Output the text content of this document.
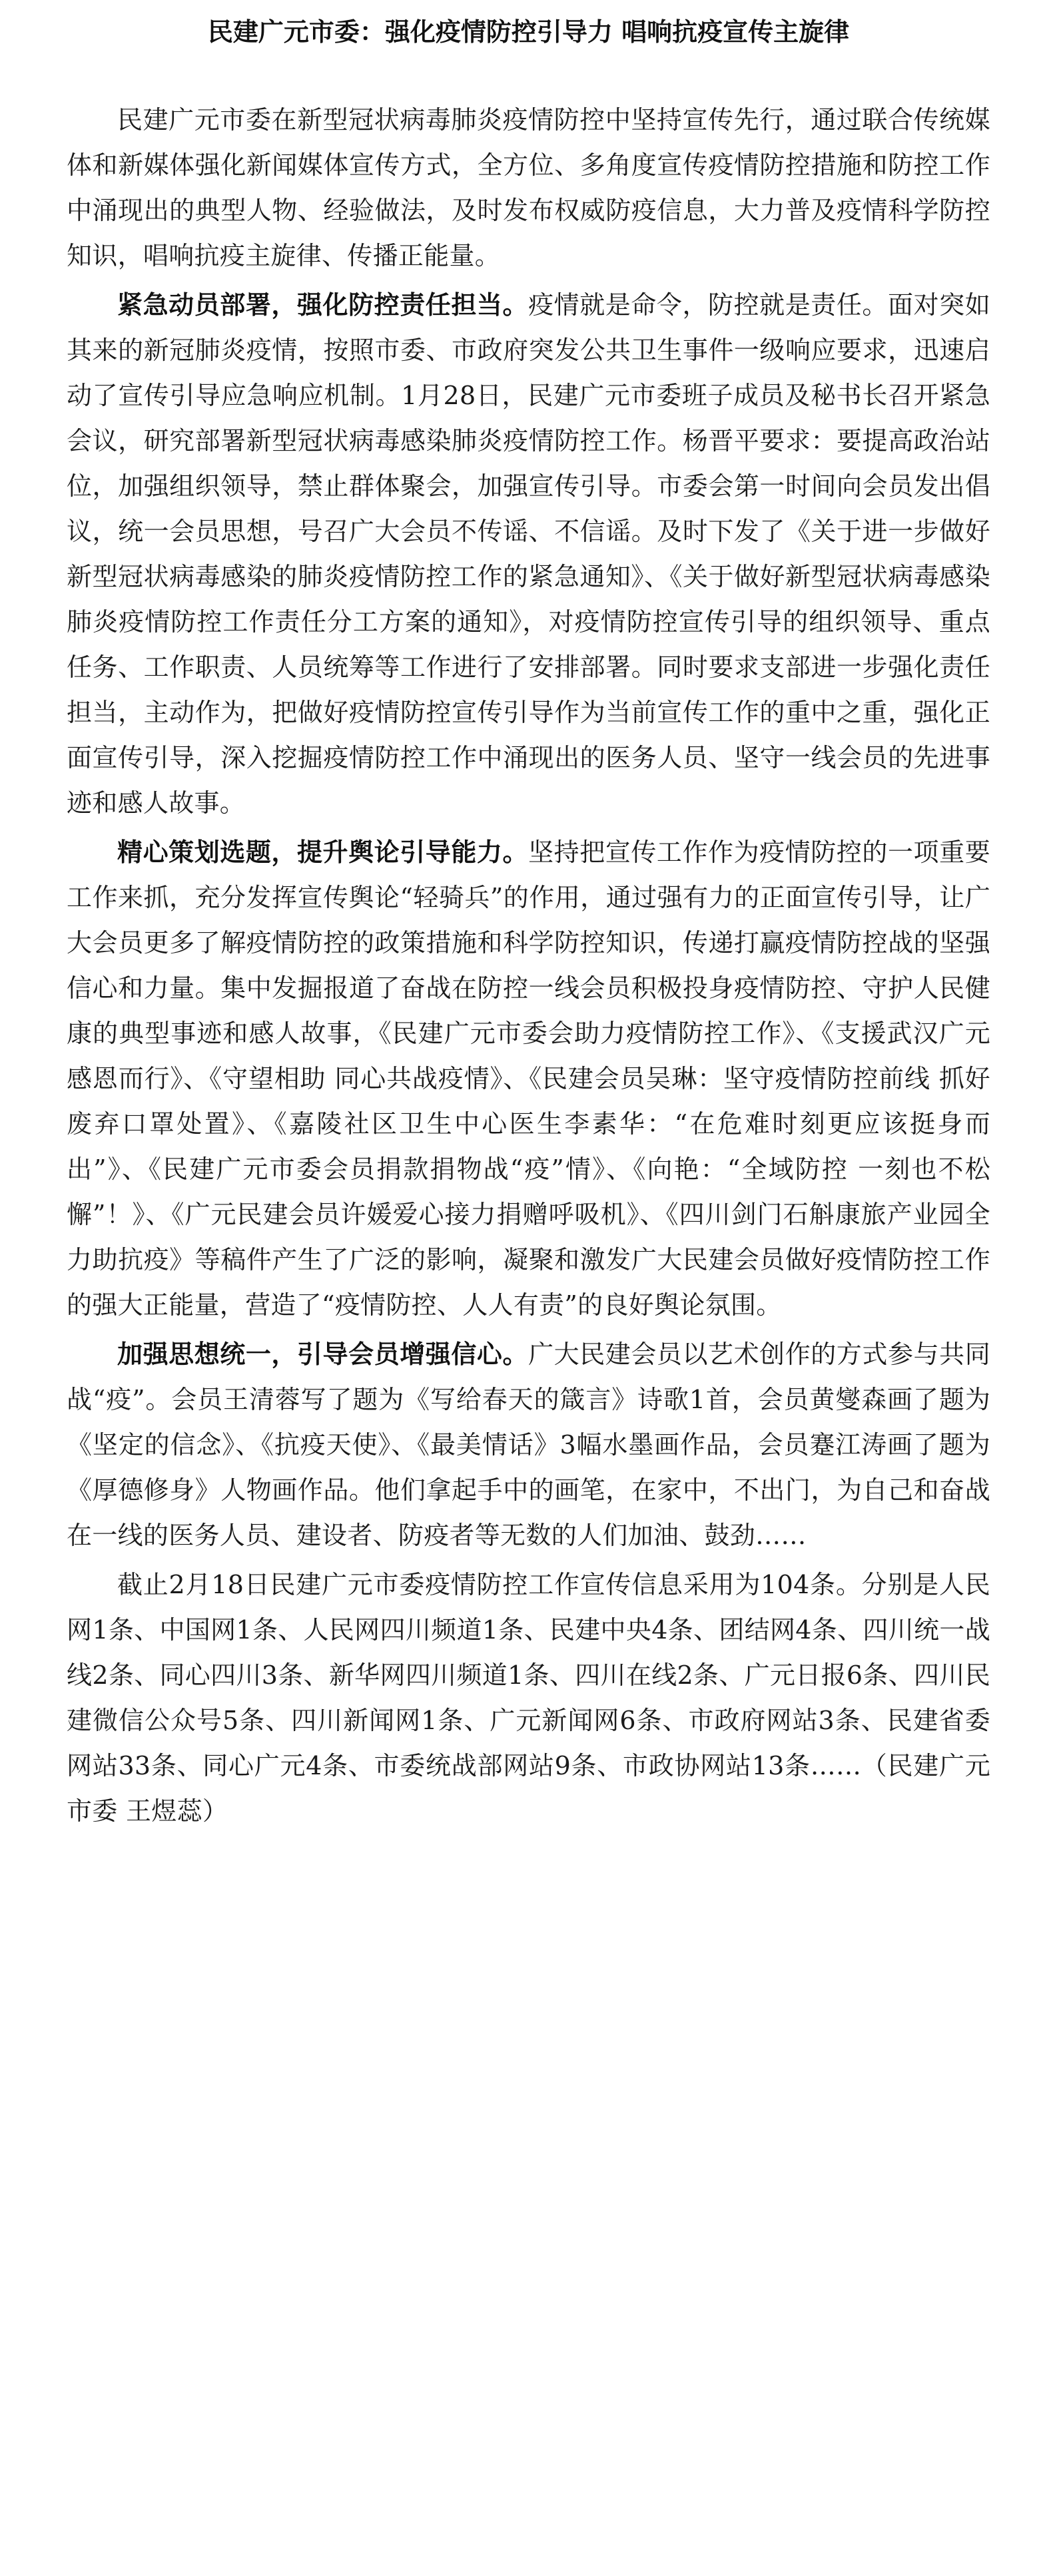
民建广元市委：强化疫情防控引导力 唱响抗疫宣传主旋律

民建广元市委在新型冠状病毒肺炎疫情防控中坚持宣传先行，通过联合传统媒体和新媒体强化新闻媒体宣传方式，全方位、多角度宣传疫情防控措施和防控工作中涌现出的典型人物、经验做法，及时发布权威防疫信息，大力普及疫情科学防控知识，唱响抗疫主旋律、传播正能量。

紧急动员部署，强化防控责任担当。疫情就是命令，防控就是责任。面对突如其来的新冠肺炎疫情，按照市委、市政府突发公共卫生事件一级响应要求，迅速启动了宣传引导应急响应机制。1月28日，民建广元市委班子成员及秘书长召开紧急会议，研究部署新型冠状病毒感染肺炎疫情防控工作。杨晋平要求：要提高政治站位，加强组织领导，禁止群体聚会，加强宣传引导。市委会第一时间向会员发出倡议，统一会员思想，号召广大会员不传谣、不信谣。及时下发了《关于进一步做好新型冠状病毒感染的肺炎疫情防控工作的紧急通知》、《关于做好新型冠状病毒感染肺炎疫情防控工作责任分工方案的通知》，对疫情防控宣传引导的组织领导、重点任务、工作职责、人员统筹等工作进行了安排部署。同时要求支部进一步强化责任担当，主动作为，把做好疫情防控宣传引导作为当前宣传工作的重中之重，强化正面宣传引导，深入挖掘疫情防控工作中涌现出的医务人员、坚守一线会员的先进事迹和感人故事。

精心策划选题，提升舆论引导能力。坚持把宣传工作作为疫情防控的一项重要工作来抓，充分发挥宣传舆论“轻骑兵”的作用，通过强有力的正面宣传引导，让广大会员更多了解疫情防控的政策措施和科学防控知识，传递打赢疫情防控战的坚强信心和力量。集中发掘报道了奋战在防控一线会员积极投身疫情防控、守护人民健康的典型事迹和感人故事，《民建广元市委会助力疫情防控工作》、《支援武汉广元感恩而行》、《守望相助 同心共战疫情》、《民建会员吴琳：坚守疫情防控前线 抓好废弃口罩处置》、《嘉陵社区卫生中心医生李素华：“在危难时刻更应该挺身而出”》、《民建广元市委会员捐款捐物战“疫”情》、《向艳：“全域防控 一刻也不松懈”！》、《广元民建会员许媛爱心接力捐赠呼吸机》、《四川剑门石斛康旅产业园全力助抗疫》等稿件产生了广泛的影响，凝聚和激发广大民建会员做好疫情防控工作的强大正能量，营造了“疫情防控、人人有责”的良好舆论氛围。

加强思想统一，引导会员增强信心。广大民建会员以艺术创作的方式参与共同战“疫”。会员王清蓉写了题为《写给春天的箴言》诗歌1首，会员黄燮森画了题为《坚定的信念》、《抗疫天使》、《最美情话》3幅水墨画作品，会员蹇江涛画了题为《厚德修身》人物画作品。他们拿起手中的画笔，在家中，不出门，为自己和奋战在一线的医务人员、建设者、防疫者等无数的人们加油、鼓劲……

截止2月18日民建广元市委疫情防控工作宣传信息采用为104条。分别是人民网1条、中国网1条、人民网四川频道1条、民建中央4条、团结网4条、四川统一战线2条、同心四川3条、新华网四川频道1条、四川在线2条、广元日报6条、四川民建微信公众号5条、四川新闻网1条、广元新闻网6条、市政府网站3条、民建省委网站33条、同心广元4条、市委统战部网站9条、市政协网站13条……（民建广元市委 王煜蕊）
